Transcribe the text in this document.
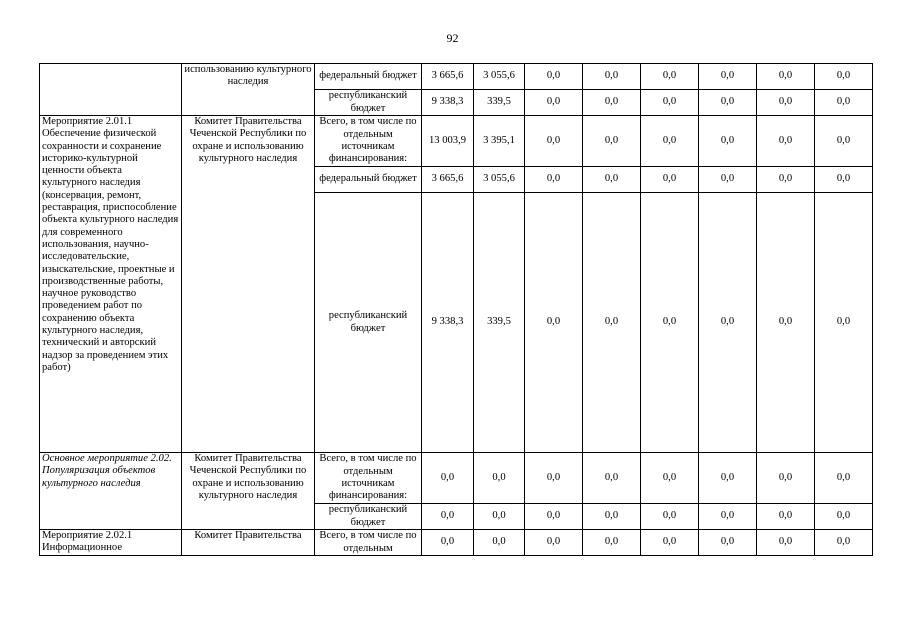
92
	использованию культурного наследия	федеральный бюджет	3 665,6	3 055,6	0,0	0,0	0,0	0,0	0,0	0,0
		республиканский бюджет	9 338,3	339,5	0,0	0,0	0,0	0,0	0,0	0,0
Мероприятие 2.01.1 Обеспечение физической сохранности и сохранение историко-культурной ценности объекта культурного наследия (консервация, ремонт, реставрация, приспособление объекта культурного наследия для современного использования, научно-исследовательские, изыскательские, проектные и производственные работы, научное руководство проведением работ по сохранению объекта культурного наследия, технический и авторский надзор за проведением этих работ)	Комитет Правительства Чеченской Республики по охране и использованию культурного наследия	Всего, в том числе по отдельным источникам финансирования:	13 003,9	3 395,1	0,0	0,0	0,0	0,0	0,0	0,0
		федеральный бюджет	3 665,6	3 055,6	0,0	0,0	0,0	0,0	0,0	0,0
		республиканский бюджет	9 338,3	339,5	0,0	0,0	0,0	0,0	0,0	0,0
Основное мероприятие 2.02. Популяризация объектов культурного наследия	Комитет Правительства Чеченской Республики по охране и использованию культурного наследия	Всего, в том числе по отдельным источникам финансирования:	0,0	0,0	0,0	0,0	0,0	0,0	0,0	0,0
		республиканский бюджет	0,0	0,0	0,0	0,0	0,0	0,0	0,0	0,0
Мероприятие 2.02.1 Информационное	Комитет Правительства	Всего, в том числе по отдельным	0,0	0,0	0,0	0,0	0,0	0,0	0,0	0,0
